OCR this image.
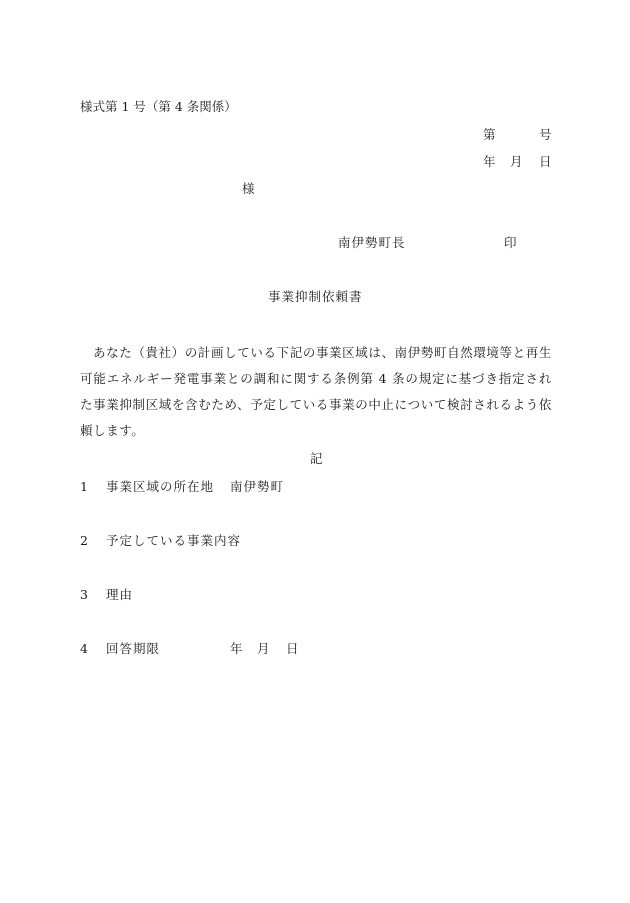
様式第 1 号（第 4 条関係）
第	号
年 月 日
様
南伊勢町長	印
事業抑制依頼書

あなた（貴社）の計画している下記の事業区域は、南伊勢町自然環境等と再生可能エネルギー発電事業との調和に関する条例第 4 条の規定に基づき指定された事業抑制区域を含むため、予定している事業の中止について検討されるよう依頼します。

記
1 事業区域の所在地 南伊勢町
2 予定している事業内容
3 理由
4 回答期限	年 月 日
